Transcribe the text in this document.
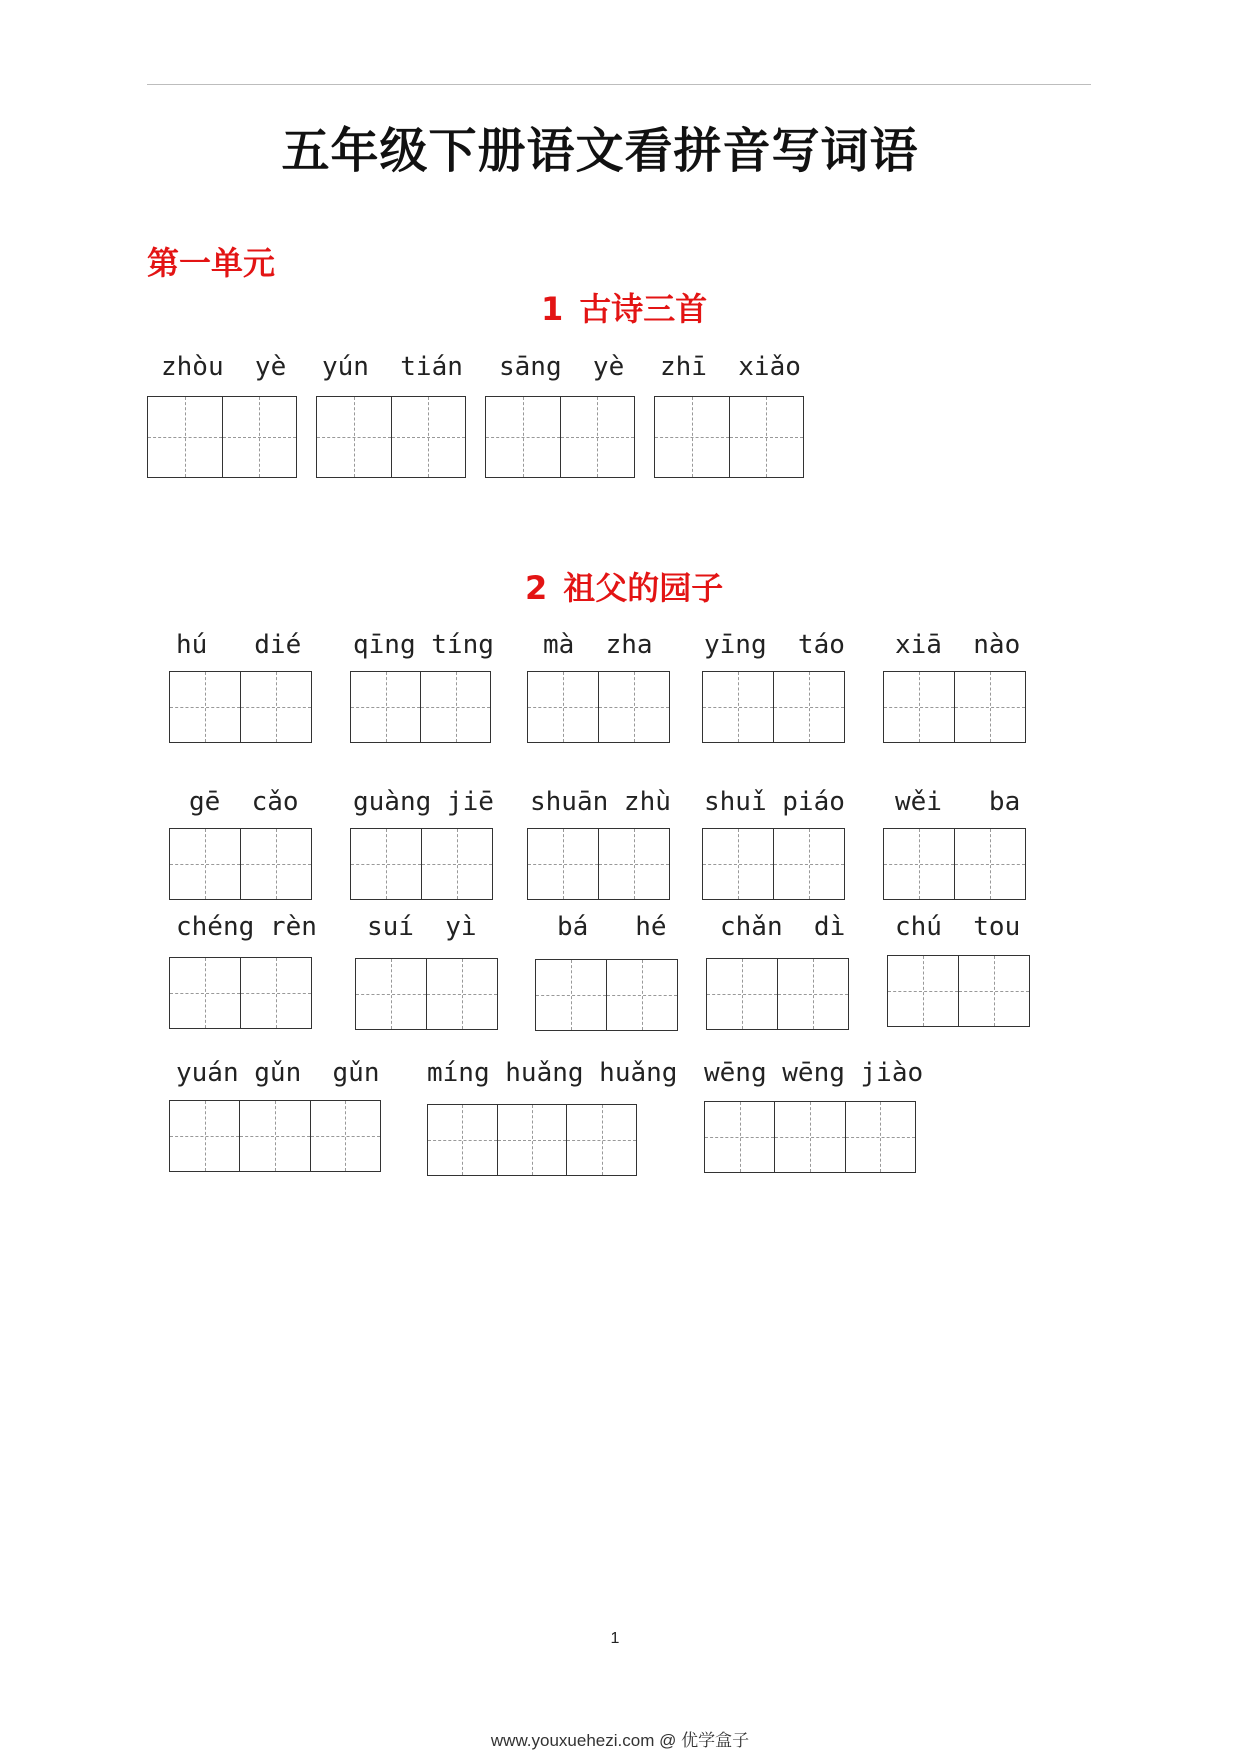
五年级下册语文看拼音写词语
第一单元
1 古诗三首
zhòu  yè yún  tián sāng  yè zhī  xiǎo
2 祖父的园子
hú   dié qīng tíng mà  zha yīng  táo xiā  nào
gē  cǎo guàng jiē shuān zhù shuǐ piáo wěi   ba
chéng rèn suí  yì	bá   hé chǎn  dì chú  tou
yuán gǔn  gǔn míng huǎng huǎng wēng wēng jiào
1
www.youxuehezi.com @ 优学盒子
